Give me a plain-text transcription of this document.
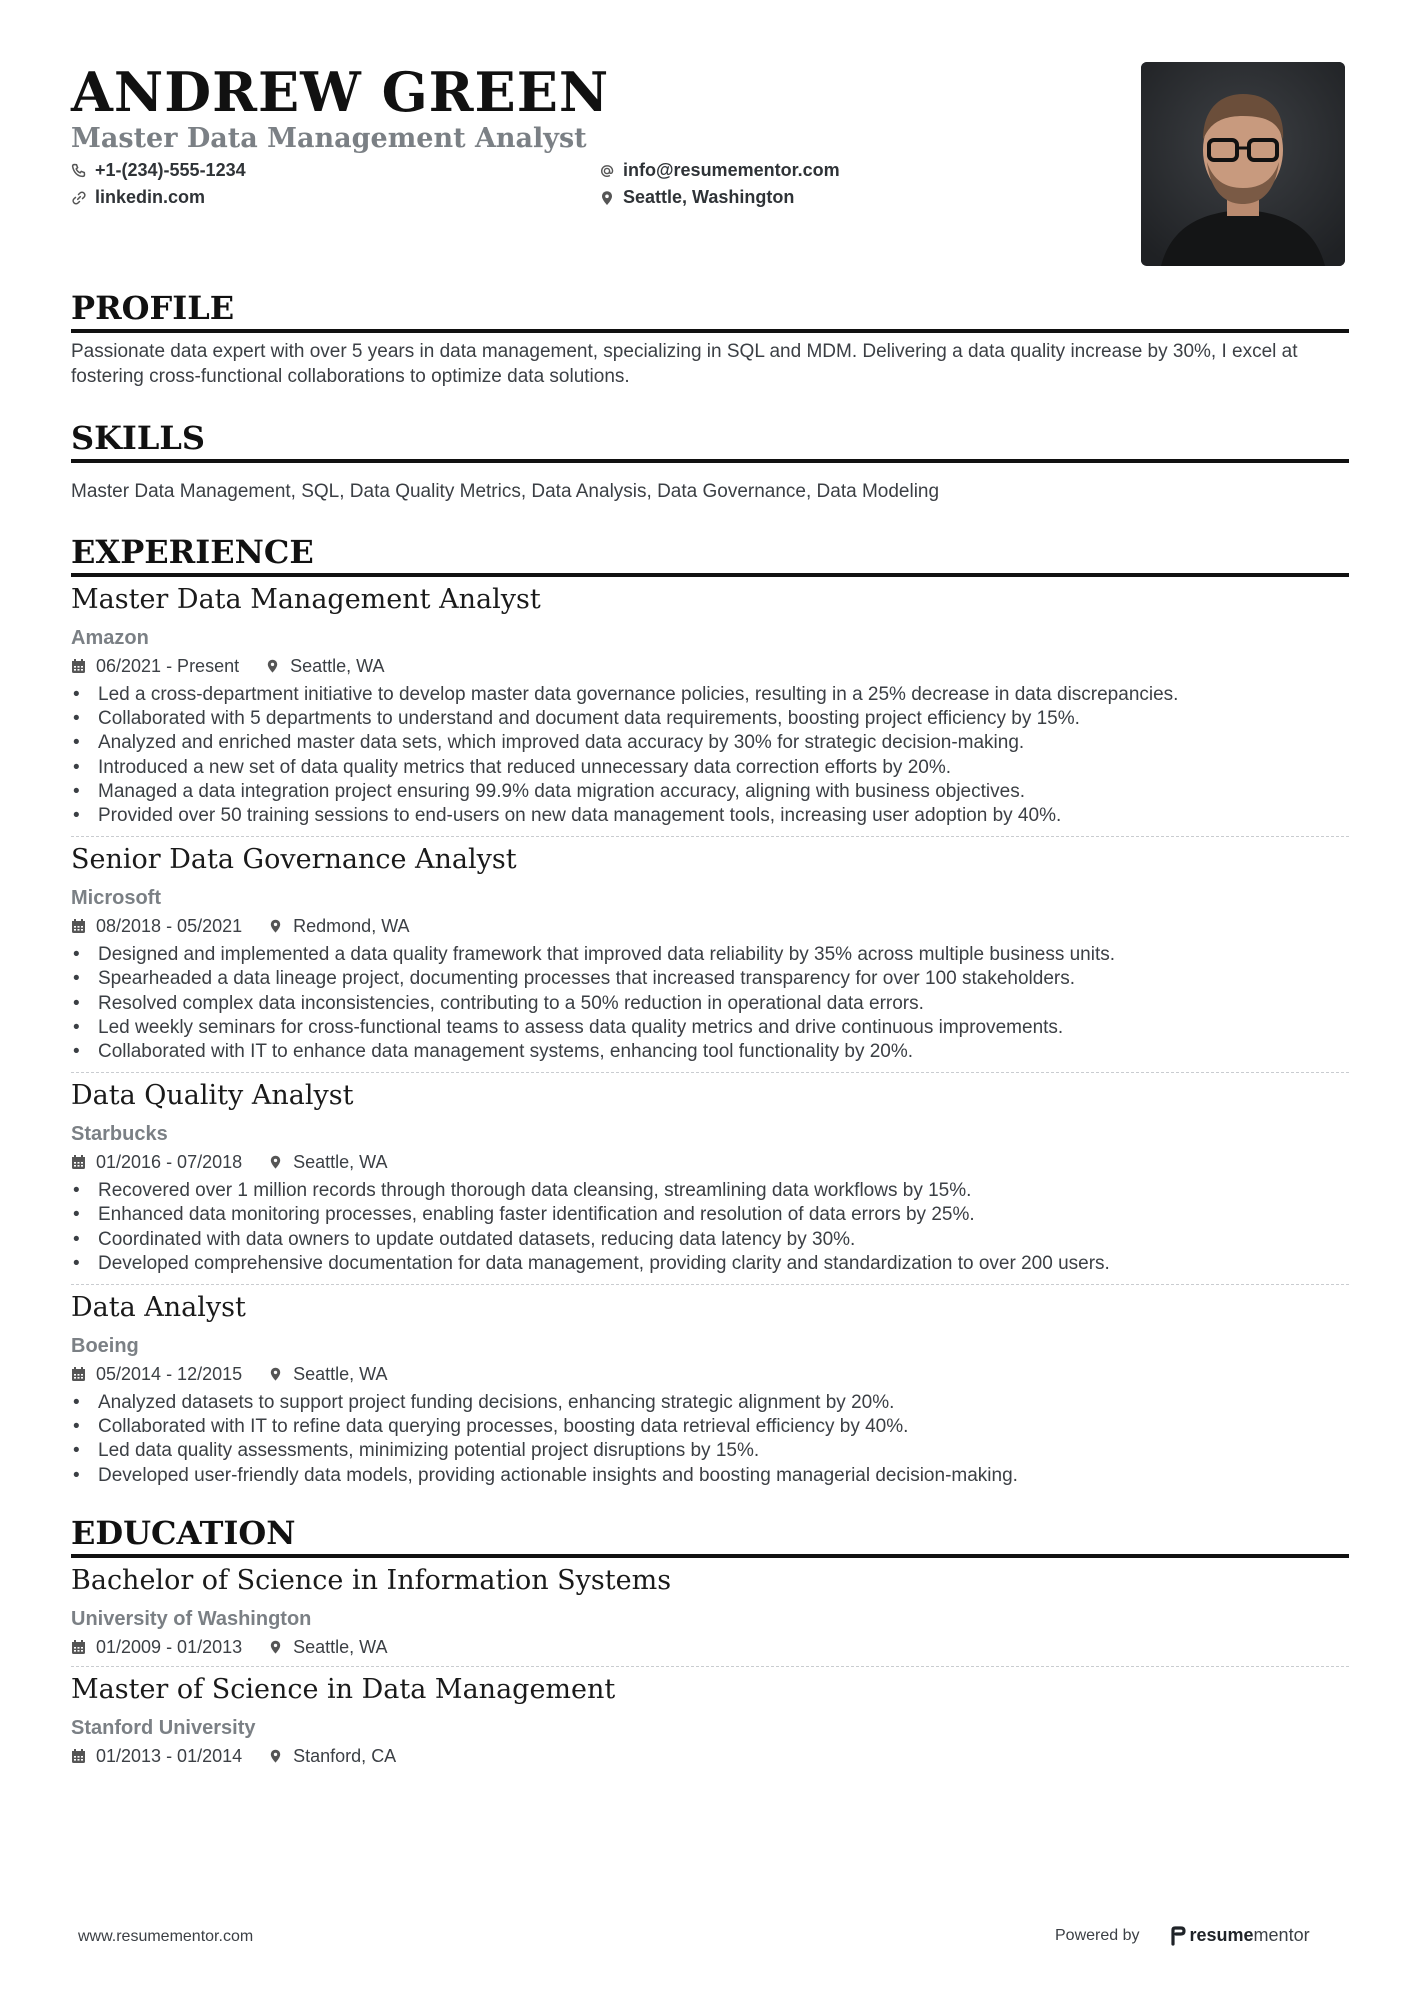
ANDREW GREEN
Master Data Management Analyst
+1-(234)-555-1234	info@resumementor.com
linkedin.com	Seattle, Washington
PROFILE
Passionate data expert with over 5 years in data management, specializing in SQL and MDM. Delivering a data quality increase by 30%, I excel at fostering cross-functional collaborations to optimize data solutions.
SKILLS
Master Data Management, SQL, Data Quality Metrics, Data Analysis, Data Governance, Data Modeling
EXPERIENCE
Master Data Management Analyst
Amazon
06/2021 - Present	Seattle, WA
• Led a cross-department initiative to develop master data governance policies, resulting in a 25% decrease in data discrepancies.
• Collaborated with 5 departments to understand and document data requirements, boosting project efficiency by 15%.
• Analyzed and enriched master data sets, which improved data accuracy by 30% for strategic decision-making.
• Introduced a new set of data quality metrics that reduced unnecessary data correction efforts by 20%.
• Managed a data integration project ensuring 99.9% data migration accuracy, aligning with business objectives.
• Provided over 50 training sessions to end-users on new data management tools, increasing user adoption by 40%.
Senior Data Governance Analyst
Microsoft
08/2018 - 05/2021	Redmond, WA
• Designed and implemented a data quality framework that improved data reliability by 35% across multiple business units.
• Spearheaded a data lineage project, documenting processes that increased transparency for over 100 stakeholders.
• Resolved complex data inconsistencies, contributing to a 50% reduction in operational data errors.
• Led weekly seminars for cross-functional teams to assess data quality metrics and drive continuous improvements.
• Collaborated with IT to enhance data management systems, enhancing tool functionality by 20%.
Data Quality Analyst
Starbucks
01/2016 - 07/2018	Seattle, WA
• Recovered over 1 million records through thorough data cleansing, streamlining data workflows by 15%.
• Enhanced data monitoring processes, enabling faster identification and resolution of data errors by 25%.
• Coordinated with data owners to update outdated datasets, reducing data latency by 30%.
• Developed comprehensive documentation for data management, providing clarity and standardization to over 200 users.
Data Analyst
Boeing
05/2014 - 12/2015	Seattle, WA
• Analyzed datasets to support project funding decisions, enhancing strategic alignment by 20%.
• Collaborated with IT to refine data querying processes, boosting data retrieval efficiency by 40%.
• Led data quality assessments, minimizing potential project disruptions by 15%.
• Developed user-friendly data models, providing actionable insights and boosting managerial decision-making.
EDUCATION
Bachelor of Science in Information Systems
University of Washington
01/2009 - 01/2013	Seattle, WA
Master of Science in Data Management
Stanford University
01/2013 - 01/2014	Stanford, CA
www.resumementor.com	Powered by	resume mentor
